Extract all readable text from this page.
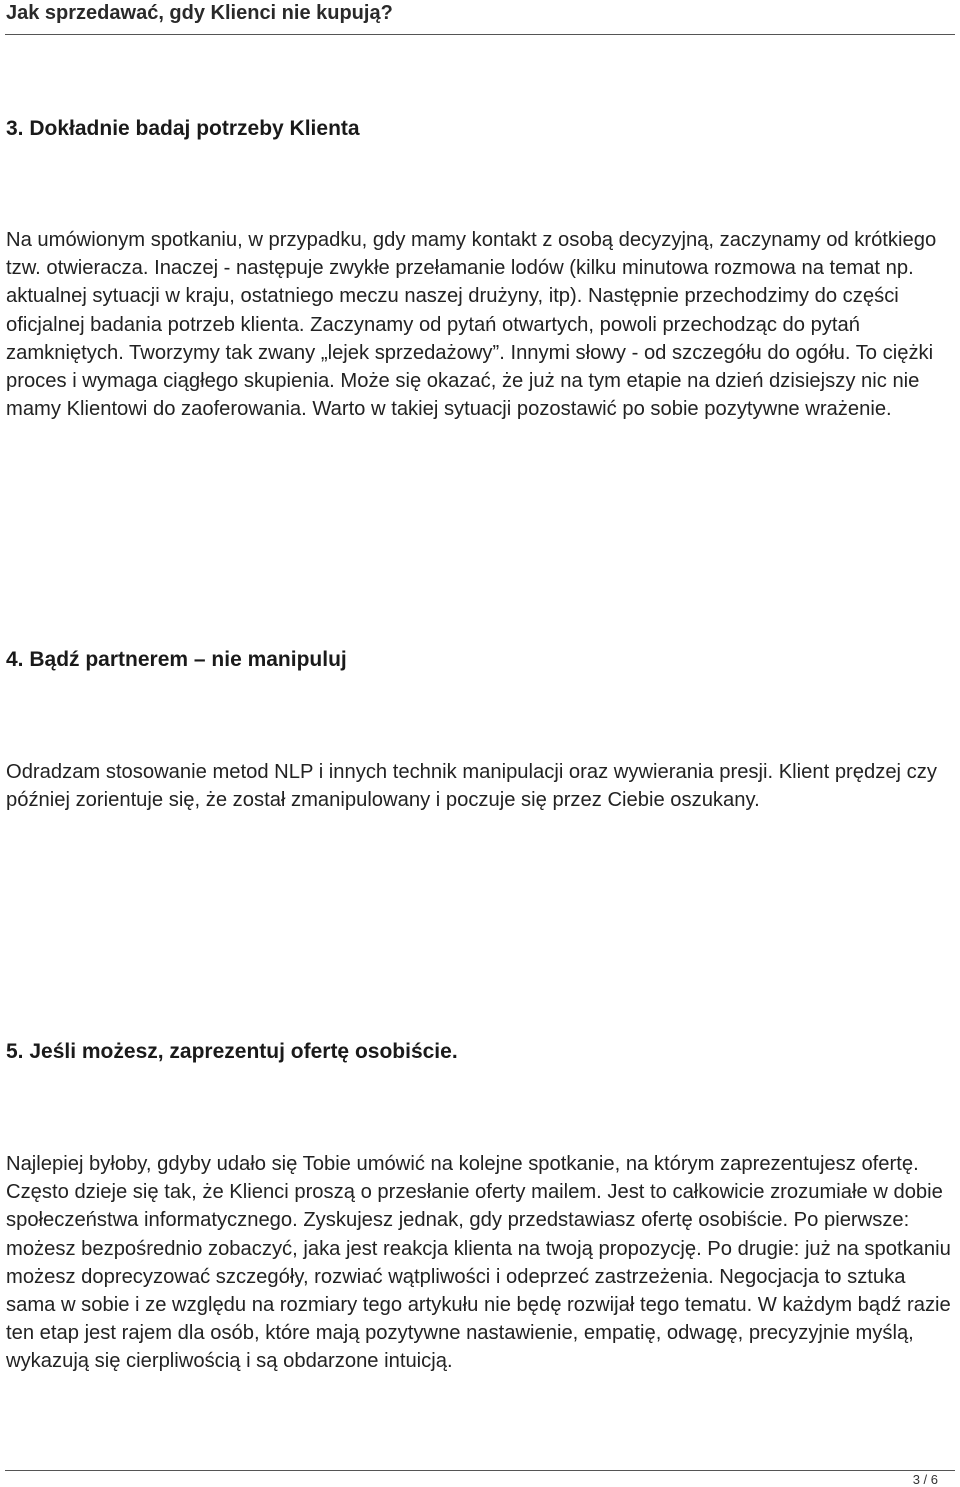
Jak sprzedawać, gdy Klienci nie kupują?
3. Dokładnie badaj potrzeby Klienta

Na umówionym spotkaniu, w przypadku, gdy mamy kontakt z osobą decyzyjną, zaczynamy od krótkiego tzw. otwieracza. Inaczej - następuje zwykłe przełamanie lodów (kilku minutowa rozmowa na temat np. aktualnej sytuacji w kraju, ostatniego meczu naszej drużyny, itp). Następnie przechodzimy do części oficjalnej badania potrzeb klienta. Zaczynamy od pytań otwartych, powoli przechodząc do pytań zamkniętych. Tworzymy tak zwany „lejek sprzedażowy”. Innymi słowy - od szczegółu do ogółu. To ciężki proces i wymaga ciągłego skupienia. Może się okazać, że już na tym etapie na dzień dzisiejszy nic nie mamy Klientowi do zaoferowania. Warto w takiej sytuacji pozostawić po sobie pozytywne wrażenie.

4. Bądź partnerem – nie manipuluj

Odradzam stosowanie metod NLP i innych technik manipulacji oraz wywierania presji. Klient prędzej czy później zorientuje się, że został zmanipulowany i poczuje się przez Ciebie oszukany.

5. Jeśli możesz, zaprezentuj ofertę osobiście.

Najlepiej byłoby, gdyby udało się Tobie umówić na kolejne spotkanie, na którym zaprezentujesz ofertę. Często dzieje się tak, że Klienci proszą o przesłanie oferty mailem. Jest to całkowicie zrozumiałe w dobie społeczeństwa informatycznego. Zyskujesz jednak, gdy przedstawiasz ofertę osobiście. Po pierwsze: możesz bezpośrednio zobaczyć, jaka jest reakcja klienta na twoją propozycję. Po drugie: już na spotkaniu możesz doprecyzować szczegóły, rozwiać wątpliwości i odeprzeć zastrzeżenia. Negocjacja to sztuka sama w sobie i ze względu na rozmiary tego artykułu nie będę rozwijał tego tematu. W każdym bądź razie ten etap jest rajem dla osób, które mają pozytywne nastawienie, empatię, odwagę, precyzyjnie myślą, wykazują się cierpliwością i są obdarzone intuicją.

3 / 6
